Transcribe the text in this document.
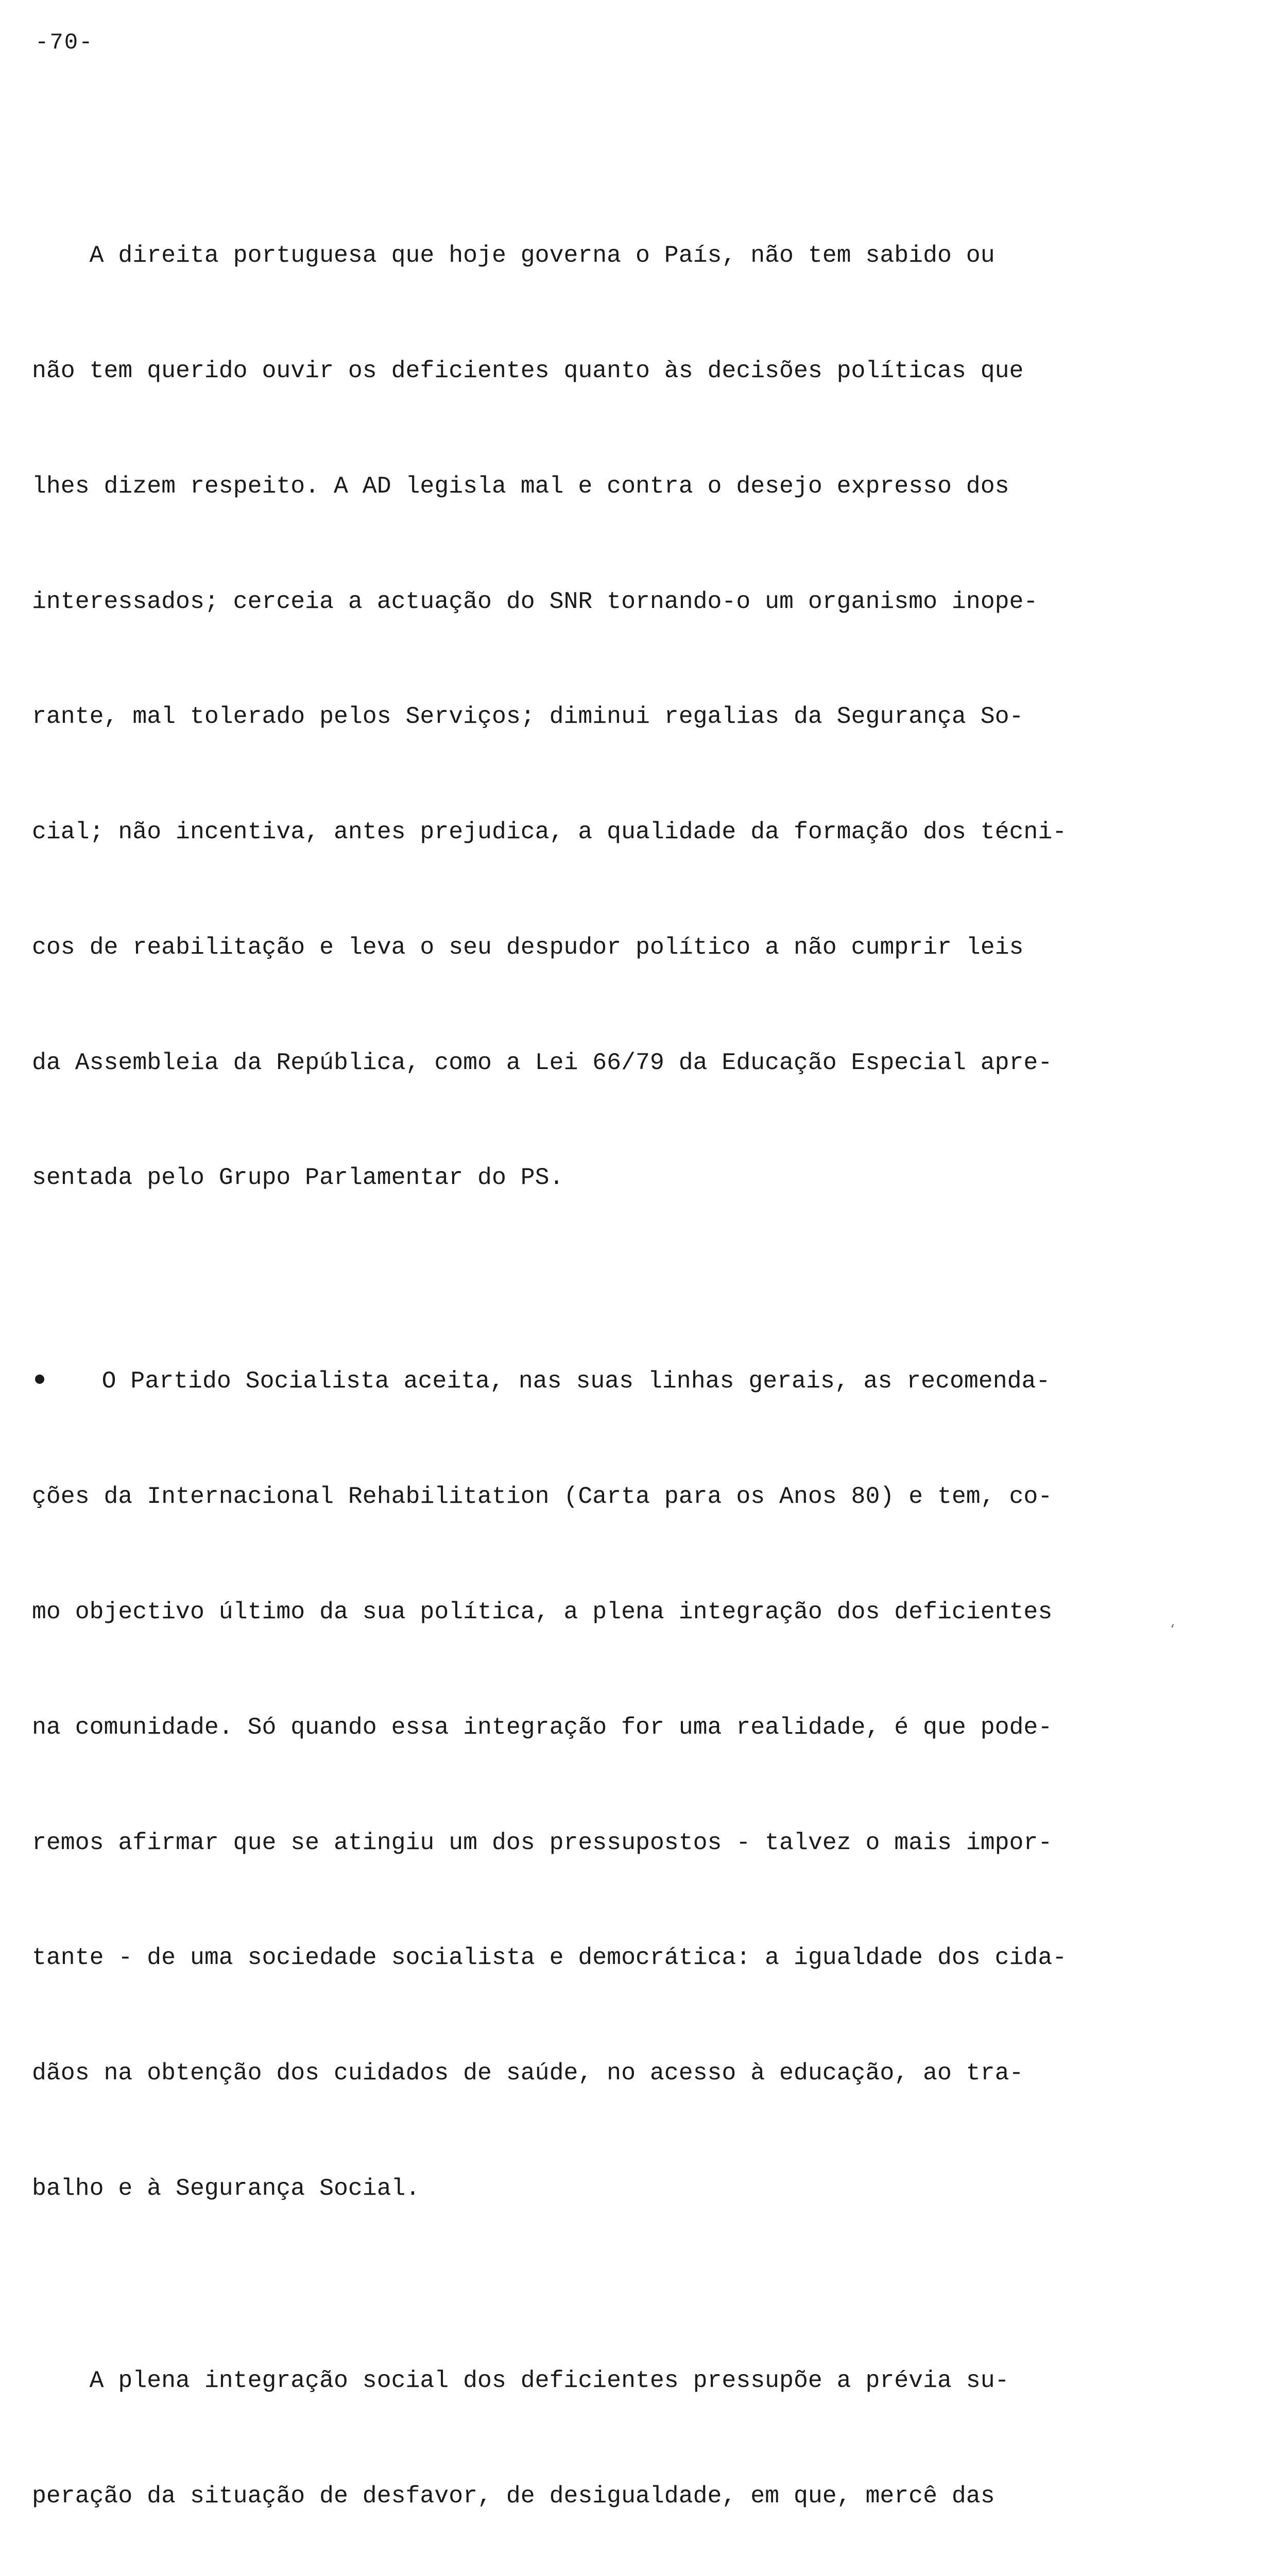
-70-

A direita portuguesa que hoje governa o País, não tem sabido ou

não tem querido ouvir os deficientes quanto às decisões políticas que

lhes dizem respeito. A AD legisla mal e contra o desejo expresso dos

interessados; cerceia a actuação do SNR tornando-o um organismo inope-

rante, mal tolerado pelos Serviços; diminui regalias da Segurança So-

cial; não incentiva, antes prejudica, a qualidade da formação dos técni-

cos de reabilitação e leva o seu despudor político a não cumprir leis

da Assembleia da República, como a Lei 66/79 da Educação Especial apre-

sentada pelo Grupo Parlamentar do PS.

O Partido Socialista aceita, nas suas linhas gerais, as recomenda-

ções da Internacional Rehabilitation (Carta para os Anos 80) e tem, co-

mo objectivo último da sua política, a plena integração dos deficientes

na comunidade. Só quando essa integração for uma realidade, é que pode-

remos afirmar que se atingiu um dos pressupostos - talvez o mais impor-

tante - de uma sociedade socialista e democrática: a igualdade dos cida-

dãos na obtenção dos cuidados de saúde, no acesso à educação, ao tra-

balho e à Segurança Social.

A plena integração social dos deficientes pressupõe a prévia su-

peração da situação de desfavor, de desigualdade, em que, mercê das

‘
